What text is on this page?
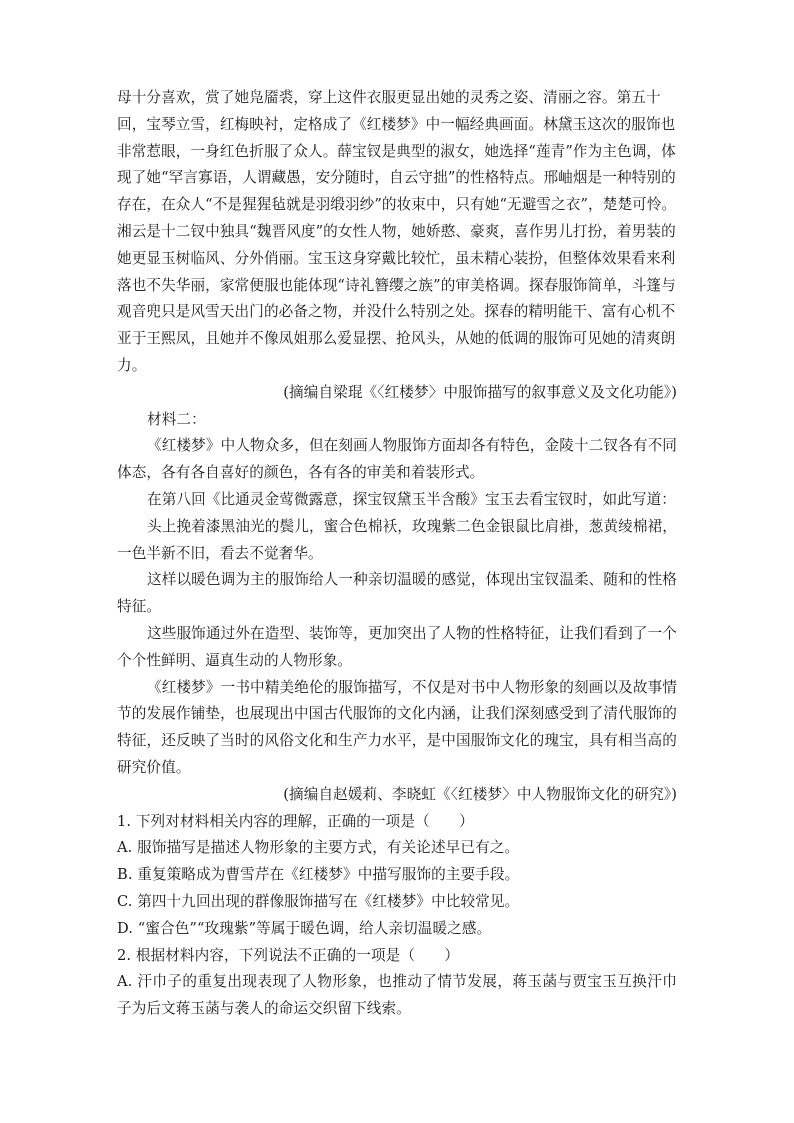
母十分喜欢，赏了她凫靥裘，穿上这件衣服更显出她的灵秀之姿、清丽之容。第五十回，宝琴立雪，红梅映衬，定格成了《红楼梦》中一幅经典画面。林黛玉这次的服饰也非常惹眼，一身红色折服了众人。薛宝钗是典型的淑女，她选择“莲青”作为主色调，体现了她“罕言寡语，人谓藏愚，安分随时，自云守拙”的性格特点。邢岫烟是一种特别的存在，在众人“不是猩猩毡就是羽缎羽纱”的妆束中，只有她“无避雪之衣”，楚楚可怜。湘云是十二钗中独具“魏晋风度”的女性人物，她娇憨、豪爽，喜作男儿打扮，着男装的她更显玉树临风、分外俏丽。宝玉这身穿戴比较忙，虽未精心装扮，但整体效果看来利落也不失华丽，家常便服也能体现“诗礼簪缨之族”的审美格调。探春服饰简单，斗篷与观音兜只是风雪天出门的必备之物，并没什么特别之处。探春的精明能干、富有心机不亚于王熙凤，且她并不像凤姐那么爱显摆、抢风头，从她的低调的服饰可见她的清爽朗力。

(摘编自梁琨《〈红楼梦〉中服饰描写的叙事意义及文化功能》)

材料二：

《红楼梦》中人物众多，但在刻画人物服饰方面却各有特色，金陵十二钗各有不同体态，各有各自喜好的颜色，各有各的审美和着装形式。

在第八回《比通灵金莺微露意，探宝钗黛玉半含酸》宝玉去看宝钗时，如此写道：

头上挽着漆黑油光的鬓儿，蜜合色棉袄，玫瑰紫二色金银鼠比肩褂，葱黄绫棉裙，一色半新不旧，看去不觉奢华。

这样以暖色调为主的服饰给人一种亲切温暖的感觉，体现出宝钗温柔、随和的性格特征。

这些服饰通过外在造型、装饰等，更加突出了人物的性格特征，让我们看到了一个个个性鲜明、逼真生动的人物形象。

《红楼梦》一书中精美绝伦的服饰描写，不仅是对书中人物形象的刻画以及故事情节的发展作铺垫，也展现出中国古代服饰的文化内涵，让我们深刻感受到了清代服饰的特征，还反映了当时的风俗文化和生产力水平，是中国服饰文化的瑰宝，具有相当高的研究价值。

(摘编自赵媛莉、李晓虹《〈红楼梦〉中人物服饰文化的研究》)

1. 下列对材料相关内容的理解，正确的一项是（　　）

A. 服饰描写是描述人物形象的主要方式，有关论述早已有之。

B. 重复策略成为曹雪芹在《红楼梦》中描写服饰的主要手段。

C. 第四十九回出现的群像服饰描写在《红楼梦》中比较常见。

D. “蜜合色”“玫瑰紫”等属于暖色调，给人亲切温暖之感。

2. 根据材料内容，下列说法不正确的一项是（　　）

A. 汗巾子的重复出现表现了人物形象，也推动了情节发展，蒋玉菡与贾宝玉互换汗巾子为后文蒋玉菡与袭人的命运交织留下线索。
